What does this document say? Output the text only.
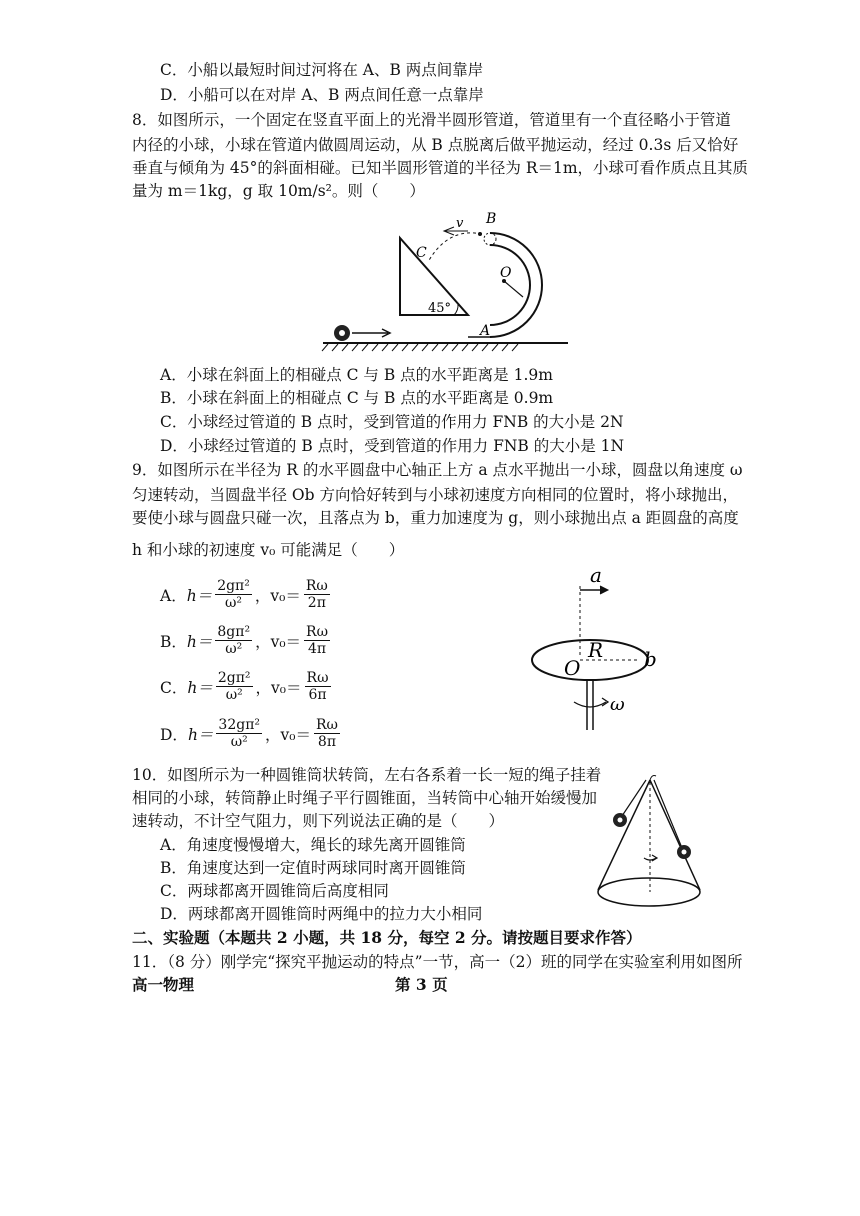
C．小船以最短时间过河将在 A、B 两点间靠岸
D．小船可以在对岸 A、B 两点间任意一点靠岸
8．如图所示，一个固定在竖直平面上的光滑半圆形管道，管道里有一个直径略小于管道
内径的小球，小球在管道内做圆周运动，从 B 点脱离后做平抛运动，经过 0.3s 后又恰好
垂直与倾角为 45°的斜面相碰。已知半圆形管道的半径为 R＝1m，小球可看作质点且其质
量为 m＝1kg，g 取 10m/s²。则（　　）
45°
v B
C
O
A
A．小球在斜面上的相碰点 C 与 B 点的水平距离是 1.9m
B．小球在斜面上的相碰点 C 与 B 点的水平距离是 0.9m
C．小球经过管道的 B 点时，受到管道的作用力 FNB 的大小是 2N
D．小球经过管道的 B 点时，受到管道的作用力 FNB 的大小是 1N
9．如图所示在半径为 R 的水平圆盘中心轴正上方 a 点水平抛出一小球，圆盘以角速度 ω
匀速转动，当圆盘半径 Ob 方向恰好转到与小球初速度方向相同的位置时，将小球抛出，
要使小球与圆盘只碰一次，且落点为 b，重力加速度为 g，则小球抛出点 a 距圆盘的高度
h 和小球的初速度 v₀ 可能满足（　　）
A． $h= \frac{\text{2gπ²}}{\text{ω²}}$ ，$v_0= \frac{R\omega}{2\pi}$
B． $h= \frac{\text{8gπ²}}{\text{ω²}}$ ，$v_0= \frac{R\omega}{4\pi}$
C． $h= \frac{\text{2gπ²}}{\text{ω²}}$ ，$v_0= \frac{R\omega}{6\pi}$
D． $h= \frac{\text{32gπ²}}{\text{ω²}}$ ，$v_0= \frac{R\omega}{8\pi}$
a
O
R b
ω
10．如图所示为一种圆锥筒状转筒，左右各系着一长一短的绳子挂着
相同的小球，转筒静止时绳子平行圆锥面，当转筒中心轴开始缓慢加
速转动，不计空气阻力，则下列说法正确的是（　　）
A．角速度慢慢增大，绳长的球先离开圆锥筒
B．角速度达到一定值时两球同时离开圆锥筒
C．两球都离开圆锥筒后高度相同
D．两球都离开圆锥筒时两绳中的拉力大小相同
二、实验题（本题共 2 小题，共 18 分，每空 2 分。请按题目要求作答）
11．（8 分）刚学完“探究平抛运动的特点”一节，高一（2）班的同学在实验室利用如图所
高一物理	第 3 页
